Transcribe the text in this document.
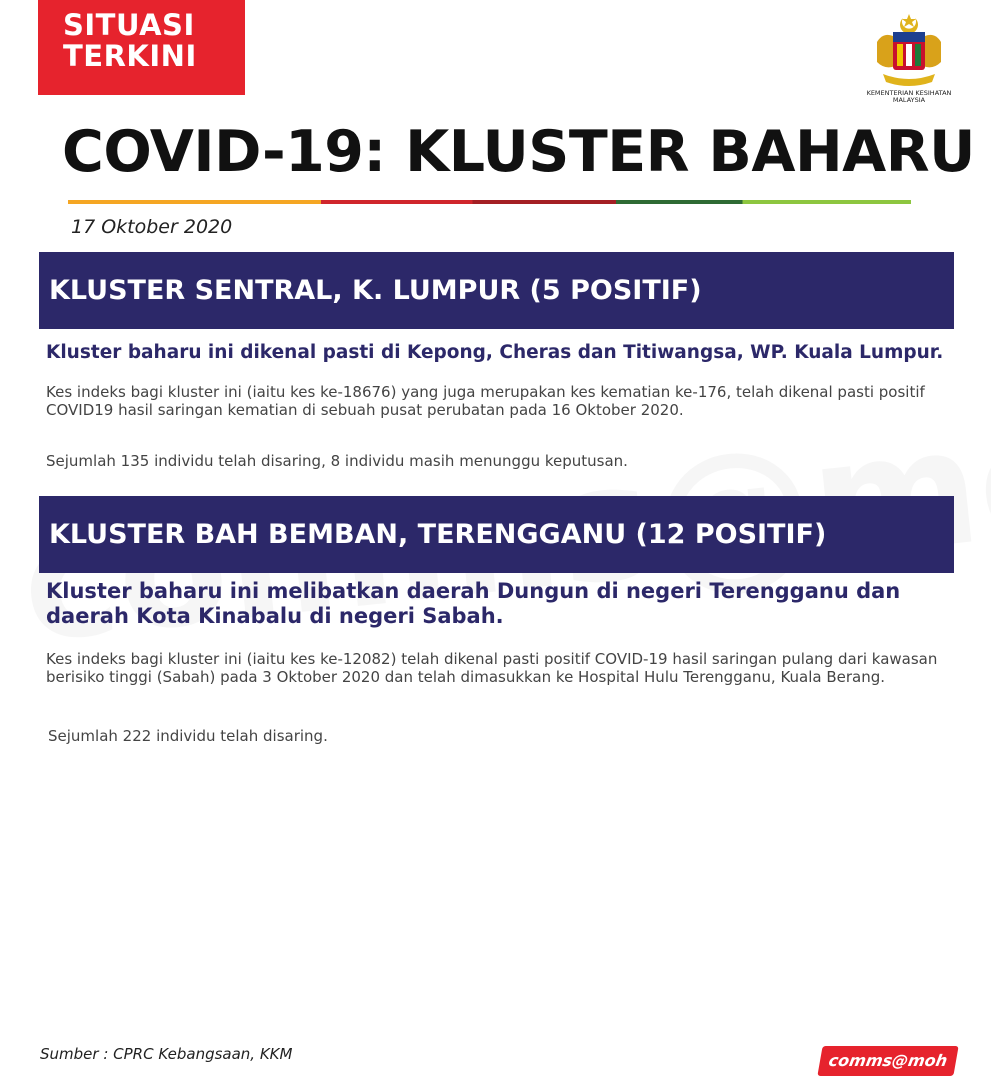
SITUASI
TERKINI
KEMENTERIAN KESIHATAN
MALAYSIA
COVID-19: KLUSTER BAHARU
17 Oktober 2020
KLUSTER SENTRAL, K. LUMPUR (5 POSITIF)

Kluster baharu ini dikenal pasti di Kepong, Cheras dan Titiwangsa, WP. Kuala Lumpur.

Kes indeks bagi kluster ini (iaitu kes ke-18676) yang juga merupakan kes kematian ke-176, telah dikenal pasti positif COVID19 hasil saringan kematian di sebuah pusat perubatan pada 16 Oktober 2020.

Sejumlah 135 individu telah disaring, 8 individu masih menunggu keputusan.

KLUSTER BAH BEMBAN, TERENGGANU (12 POSITIF)

Kluster baharu ini melibatkan daerah Dungun di negeri Terengganu dan daerah Kota Kinabalu di negeri Sabah.

Kes indeks bagi kluster ini (iaitu kes ke-12082) telah dikenal pasti positif COVID-19 hasil saringan pulang dari kawasan berisiko tinggi (Sabah) pada 3 Oktober 2020 dan telah dimasukkan ke Hospital Hulu Terengganu, Kuala Berang.

Sejumlah 222 individu telah disaring.

Sumber : CPRC Kebangsaan, KKM	comms@moh
